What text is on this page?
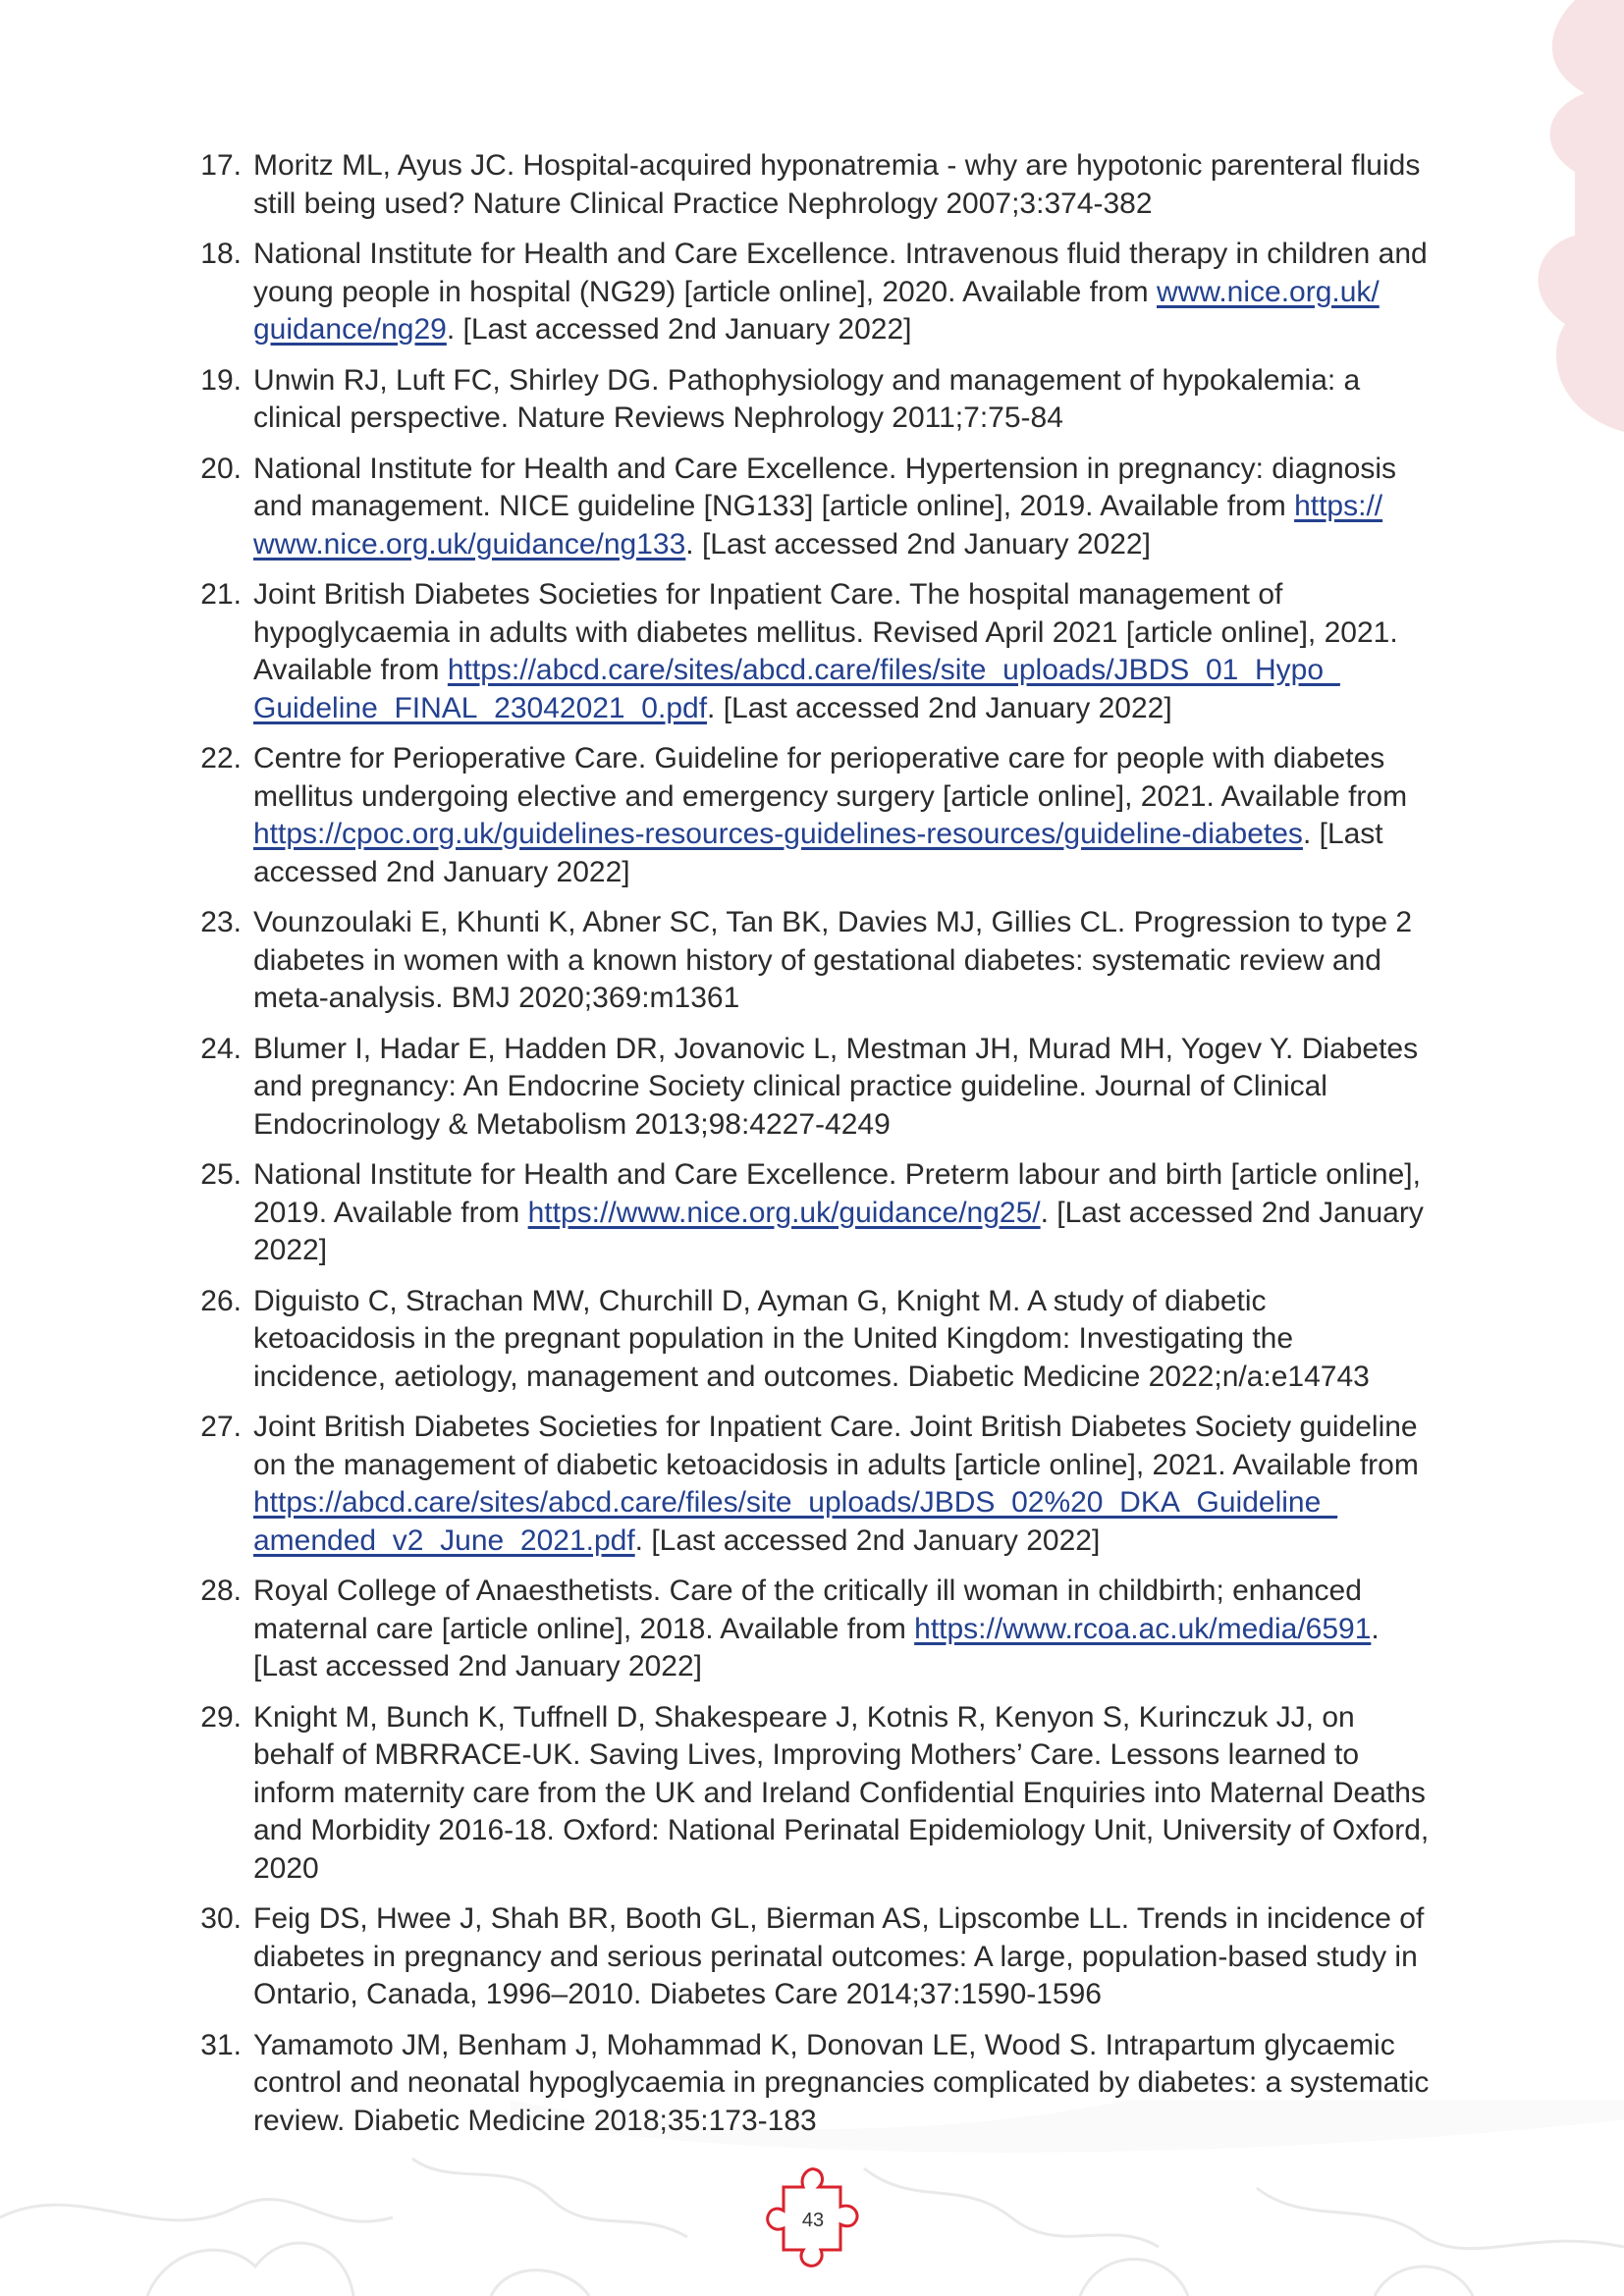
17. Moritz ML, Ayus JC. Hospital-acquired hyponatremia - why are hypotonic parenteral fluids still being used? Nature Clinical Practice Nephrology 2007;3:374-382
18. National Institute for Health and Care Excellence. Intravenous fluid therapy in children and young people in hospital (NG29) [article online], 2020. Available from www.nice.org.uk/ guidance/ng29. [Last accessed 2nd January 2022]
19. Unwin RJ, Luft FC, Shirley DG. Pathophysiology and management of hypokalemia: a clinical perspective. Nature Reviews Nephrology 2011;7:75-84
20. National Institute for Health and Care Excellence. Hypertension in pregnancy: diagnosis and management. NICE guideline [NG133] [article online], 2019. Available from https:// www.nice.org.uk/guidance/ng133. [Last accessed 2nd January 2022]
21. Joint British Diabetes Societies for Inpatient Care. The hospital management of hypoglycaemia in adults with diabetes mellitus. Revised April 2021 [article online], 2021. Available from https://abcd.care/sites/abcd.care/files/site_uploads/JBDS_01_Hypo_ Guideline_FINAL_23042021_0.pdf. [Last accessed 2nd January 2022]
22. Centre for Perioperative Care. Guideline for perioperative care for people with diabetes mellitus undergoing elective and emergency surgery [article online], 2021. Available from https://cpoc.org.uk/guidelines-resources-guidelines-resources/guideline-diabetes. [Last accessed 2nd January 2022]
23. Vounzoulaki E, Khunti K, Abner SC, Tan BK, Davies MJ, Gillies CL. Progression to type 2 diabetes in women with a known history of gestational diabetes: systematic review and meta-analysis. BMJ 2020;369:m1361
24. Blumer I, Hadar E, Hadden DR, Jovanovic L, Mestman JH, Murad MH, Yogev Y. Diabetes and pregnancy: An Endocrine Society clinical practice guideline. Journal of Clinical Endocrinology & Metabolism 2013;98:4227-4249
25. National Institute for Health and Care Excellence. Preterm labour and birth [article online], 2019. Available from https://www.nice.org.uk/guidance/ng25/. [Last accessed 2nd January 2022]
26. Diguisto C, Strachan MW, Churchill D, Ayman G, Knight M. A study of diabetic ketoacidosis in the pregnant population in the United Kingdom: Investigating the incidence, aetiology, management and outcomes. Diabetic Medicine 2022;n/a:e14743
27. Joint British Diabetes Societies for Inpatient Care. Joint British Diabetes Society guideline on the management of diabetic ketoacidosis in adults [article online], 2021. Available from https://abcd.care/sites/abcd.care/files/site_uploads/JBDS_02%20_DKA_Guideline_ amended_v2_June_2021.pdf. [Last accessed 2nd January 2022]
28. Royal College of Anaesthetists. Care of the critically ill woman in childbirth; enhanced maternal care [article online], 2018. Available from https://www.rcoa.ac.uk/media/6591. [Last accessed 2nd January 2022]
29. Knight M, Bunch K, Tuffnell D, Shakespeare J, Kotnis R, Kenyon S, Kurinczuk JJ, on behalf of MBRRACE-UK. Saving Lives, Improving Mothers’ Care. Lessons learned to inform maternity care from the UK and Ireland Confidential Enquiries into Maternal Deaths and Morbidity 2016-18. Oxford: National Perinatal Epidemiology Unit, University of Oxford, 2020
30. Feig DS, Hwee J, Shah BR, Booth GL, Bierman AS, Lipscombe LL. Trends in incidence of diabetes in pregnancy and serious perinatal outcomes: A large, population-based study in Ontario, Canada, 1996–2010. Diabetes Care 2014;37:1590-1596
31. Yamamoto JM, Benham J, Mohammad K, Donovan LE, Wood S. Intrapartum glycaemic control and neonatal hypoglycaemia in pregnancies complicated by diabetes: a systematic review. Diabetic Medicine 2018;35:173-183
43
